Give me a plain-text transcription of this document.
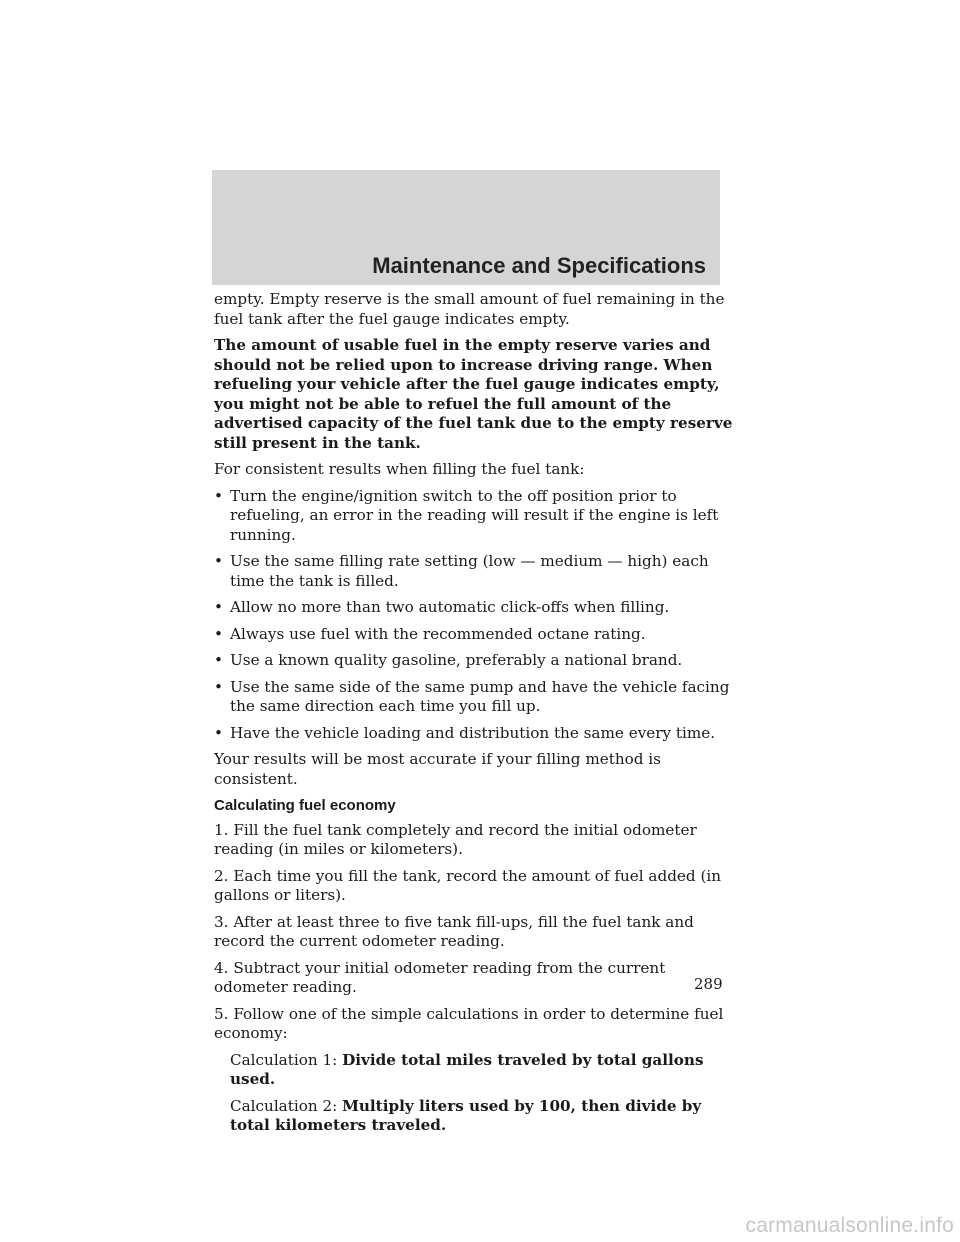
Maintenance and Specifications

empty. Empty reserve is the small amount of fuel remaining in the fuel tank after the fuel gauge indicates empty.

The amount of usable fuel in the empty reserve varies and should not be relied upon to increase driving range. When refueling your vehicle after the fuel gauge indicates empty, you might not be able to refuel the full amount of the advertised capacity of the fuel tank due to the empty reserve still present in the tank.

For consistent results when filling the fuel tank:

• Turn the engine/ignition switch to the off position prior to refueling, an error in the reading will result if the engine is left running.
• Use the same filling rate setting (low — medium — high) each time the tank is filled.
• Allow no more than two automatic click-offs when filling.
• Always use fuel with the recommended octane rating.
• Use a known quality gasoline, preferably a national brand.
• Use the same side of the same pump and have the vehicle facing the same direction each time you fill up.
• Have the vehicle loading and distribution the same every time.

Your results will be most accurate if your filling method is consistent.

Calculating fuel economy

1. Fill the fuel tank completely and record the initial odometer reading (in miles or kilometers).

2. Each time you fill the tank, record the amount of fuel added (in gallons or liters).

3. After at least three to five tank fill-ups, fill the fuel tank and record the current odometer reading.

4. Subtract your initial odometer reading from the current odometer reading.

5. Follow one of the simple calculations in order to determine fuel economy:

Calculation 1: Divide total miles traveled by total gallons used.

Calculation 2: Multiply liters used by 100, then divide by total kilometers traveled.

289
carmanualsonline.info
